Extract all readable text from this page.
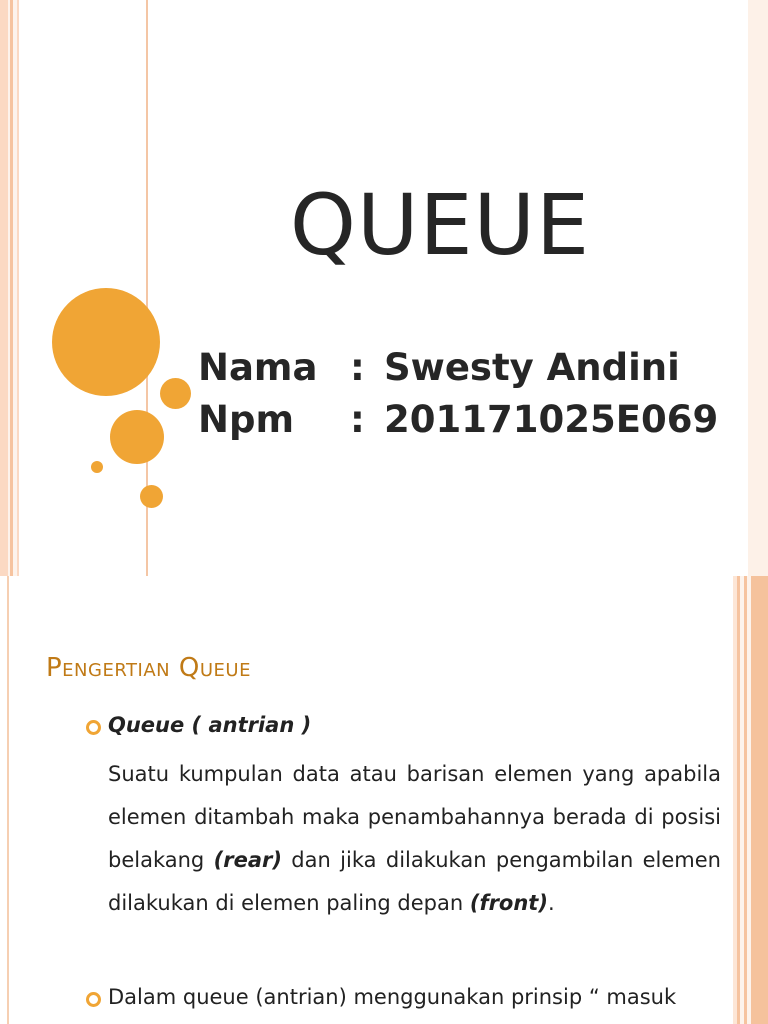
QUEUE
Nama : Swesty Andini
Npm : 201171025E069
Pengertian Queue
Queue ( antrian )
Suatu kumpulan data atau barisan elemen yang apabila elemen ditambah maka penambahannya berada di posisi belakang (rear) dan jika dilakukan pengambilan elemen dilakukan di elemen paling depan (front).
Dalam queue (antrian) menggunakan prinsip “ masuk
